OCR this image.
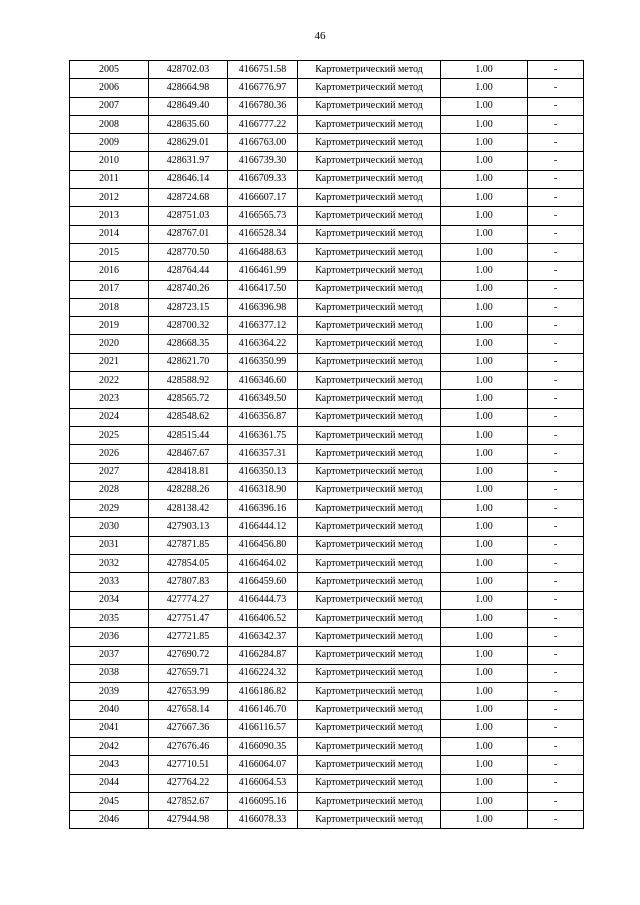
46
2005	428702.03	4166751.58	Картометрический метод	1.00	-
2006	428664.98	4166776.97	Картометрический метод	1.00	-
2007	428649.40	4166780.36	Картометрический метод	1.00	-
2008	428635.60	4166777.22	Картометрический метод	1.00	-
2009	428629.01	4166763.00	Картометрический метод	1.00	-
2010	428631.97	4166739.30	Картометрический метод	1.00	-
2011	428646.14	4166709.33	Картометрический метод	1.00	-
2012	428724.68	4166607.17	Картометрический метод	1.00	-
2013	428751.03	4166565.73	Картометрический метод	1.00	-
2014	428767.01	4166528.34	Картометрический метод	1.00	-
2015	428770.50	4166488.63	Картометрический метод	1.00	-
2016	428764.44	4166461.99	Картометрический метод	1.00	-
2017	428740.26	4166417.50	Картометрический метод	1.00	-
2018	428723.15	4166396.98	Картометрический метод	1.00	-
2019	428700.32	4166377.12	Картометрический метод	1.00	-
2020	428668.35	4166364.22	Картометрический метод	1.00	-
2021	428621.70	4166350.99	Картометрический метод	1.00	-
2022	428588.92	4166346.60	Картометрический метод	1.00	-
2023	428565.72	4166349.50	Картометрический метод	1.00	-
2024	428548.62	4166356.87	Картометрический метод	1.00	-
2025	428515.44	4166361.75	Картометрический метод	1.00	-
2026	428467.67	4166357.31	Картометрический метод	1.00	-
2027	428418.81	4166350.13	Картометрический метод	1.00	-
2028	428288.26	4166318.90	Картометрический метод	1.00	-
2029	428138.42	4166396.16	Картометрический метод	1.00	-
2030	427903.13	4166444.12	Картометрический метод	1.00	-
2031	427871.85	4166456.80	Картометрический метод	1.00	-
2032	427854.05	4166464.02	Картометрический метод	1.00	-
2033	427807.83	4166459.60	Картометрический метод	1.00	-
2034	427774.27	4166444.73	Картометрический метод	1.00	-
2035	427751.47	4166406.52	Картометрический метод	1.00	-
2036	427721.85	4166342.37	Картометрический метод	1.00	-
2037	427690.72	4166284.87	Картометрический метод	1.00	-
2038	427659.71	4166224.32	Картометрический метод	1.00	-
2039	427653.99	4166186.82	Картометрический метод	1.00	-
2040	427658.14	4166146.70	Картометрический метод	1.00	-
2041	427667.36	4166116.57	Картометрический метод	1.00	-
2042	427676.46	4166090.35	Картометрический метод	1.00	-
2043	427710.51	4166064.07	Картометрический метод	1.00	-
2044	427764.22	4166064.53	Картометрический метод	1.00	-
2045	427852.67	4166095.16	Картометрический метод	1.00	-
2046	427944.98	4166078.33	Картометрический метод	1.00	-
